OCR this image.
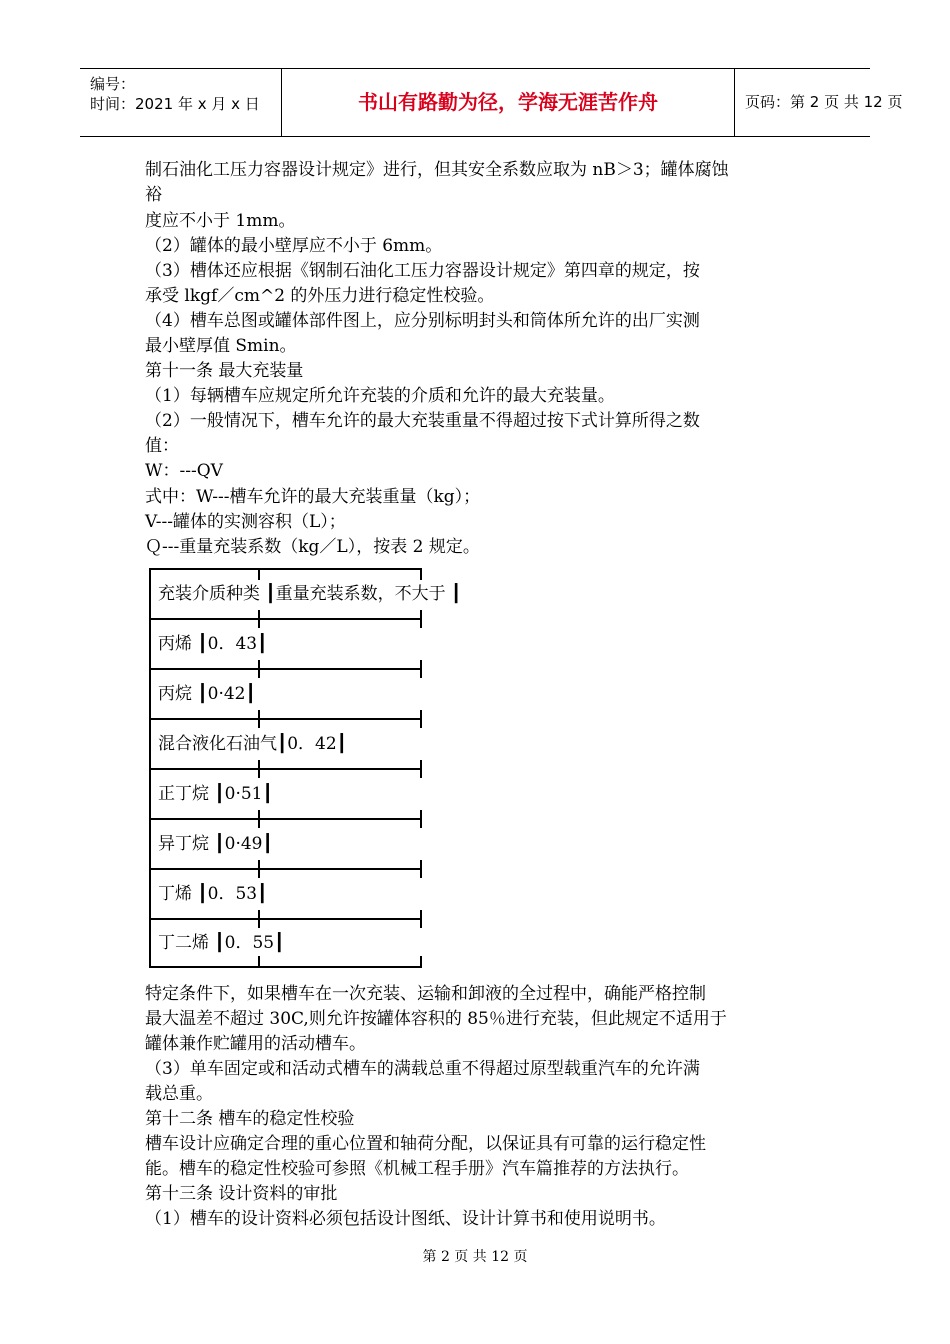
编号：
时间：2021 年 x 月 x 日	书山有路勤为径，学海无涯苦作舟	页码：第 2 页 共 12 页
制石油化工压力容器设计规定》进行，但其安全系数应取为 nB＞3；罐体腐蚀
裕
度应不小于 1mm。
（2）罐体的最小壁厚应不小于 6mm。
（3）槽体还应根据《钢制石油化工压力容器设计规定》第四章的规定，按
承受 lkgf／cm^2 的外压力进行稳定性校验。
（4）槽车总图或罐体部件图上，应分别标明封头和筒体所允许的出厂实测
最小壁厚值 Smin。
第十一条 最大充装量
（1）每辆槽车应规定所允许充装的介质和允许的最大充装量。
（2）一般情况下，槽车允许的最大充装重量不得超过按下式计算所得之数
值：
W：---QV
式中：W---槽车允许的最大充装重量（kg）；
V---罐体的实测容积（L）；
Ｑ---重量充装系数（kg／L），按表 2 规定。
充装介质种类 ┃重量充装系数，不大于 ┃
丙烯 ┃0．43┃
丙烷 ┃0·42┃
混合液化石油气┃0．42┃
正丁烷 ┃0·51┃
异丁烷 ┃0·49┃
丁烯 ┃0．53┃
丁二烯 ┃0．55┃
特定条件下，如果槽车在一次充装、运输和卸液的全过程中，确能严格控制
最大温差不超过 30C,则允许按罐体容积的 85％进行充装，但此规定不适用于
罐体兼作贮罐用的活动槽车。
（3）单车固定或和活动式槽车的满载总重不得超过原型载重汽车的允许满
载总重。
第十二条 槽车的稳定性校验
槽车设计应确定合理的重心位置和轴荷分配，以保证具有可靠的运行稳定性
能。槽车的稳定性校验可参照《机械工程手册》汽车篇推荐的方法执行。
第十三条 设计资料的审批
（1）槽车的设计资料必须包括设计图纸、设计计算书和使用说明书。
第 2 页 共 12 页
